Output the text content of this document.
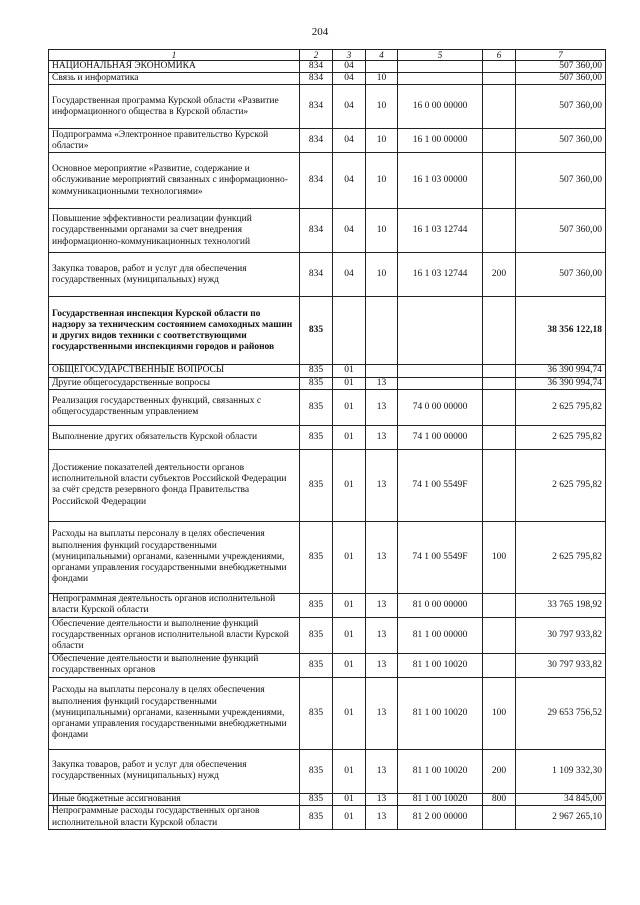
204
1	2	3	4	5	6	7
НАЦИОНАЛЬНАЯ ЭКОНОМИКА	834	04				507 360,00
Связь и информатика	834	04	10			507 360,00
Государственная программа Курской области «Развитие информационного общества в Курской области»	834	04	10	16 0 00 00000		507 360,00
Подпрограмма «Электронное правительство Курской области»	834	04	10	16 1 00 00000		507 360,00
Основное мероприятие «Развитие, содержание и обслуживание мероприятий связанных с информационно-коммуникационными технологиями»	834	04	10	16 1 03 00000		507 360,00
Повышение эффективности реализации функций государственными органами за счет внедрения информационно-коммуникационных технологий	834	04	10	16 1 03 12744		507 360,00
Закупка товаров, работ и услуг для обеспечения государственных (муниципальных) нужд	834	04	10	16 1 03 12744	200	507 360,00
Государственная инспекция Курской области по надзору за техническим состоянием самоходных машин и других видов техники с соответствующими государственными инспекциями городов и районов	835					38 356 122,18
ОБЩЕГОСУДАРСТВЕННЫЕ ВОПРОСЫ	835	01				36 390 994,74
Другие общегосударственные вопросы	835	01	13			36 390 994,74
Реализация государственных функций, связанных с общегосударственным управлением	835	01	13	74 0 00 00000		2 625 795,82
Выполнение других обязательств Курской области	835	01	13	74 1 00 00000		2 625 795,82
Достижение показателей деятельности органов исполнительной власти субъектов Российской Федерации за счёт средств резервного фонда Правительства Российской Федерации	835	01	13	74 1 00 5549F		2 625 795,82
Расходы на выплаты персоналу в целях обеспечения выполнения функций государственными (муниципальными) органами, казенными учреждениями, органами управления государственными внебюджетными фондами	835	01	13	74 1 00 5549F	100	2 625 795,82
Непрограммная деятельность органов исполнительной власти Курской области	835	01	13	81 0 00 00000		33 765 198,92
Обеспечение деятельности и выполнение функций государственных органов исполнительной власти Курской области	835	01	13	81 1 00 00000		30 797 933,82
Обеспечение деятельности и выполнение функций государственных органов	835	01	13	81 1 00 10020		30 797 933,82
Расходы на выплаты персоналу в целях обеспечения выполнения функций государственными (муниципальными) органами, казенными учреждениями, органами управления государственными внебюджетными фондами	835	01	13	81 1 00 10020	100	29 653 756,52
Закупка товаров, работ и услуг для обеспечения государственных (муниципальных) нужд	835	01	13	81 1 00 10020	200	1 109 332,30
Иные бюджетные ассигнования	835	01	13	81 1 00 10020	800	34 845,00
Непрограммные расходы государственных органов исполнительной власти Курской области	835	01	13	81 2 00 00000		2 967 265,10
